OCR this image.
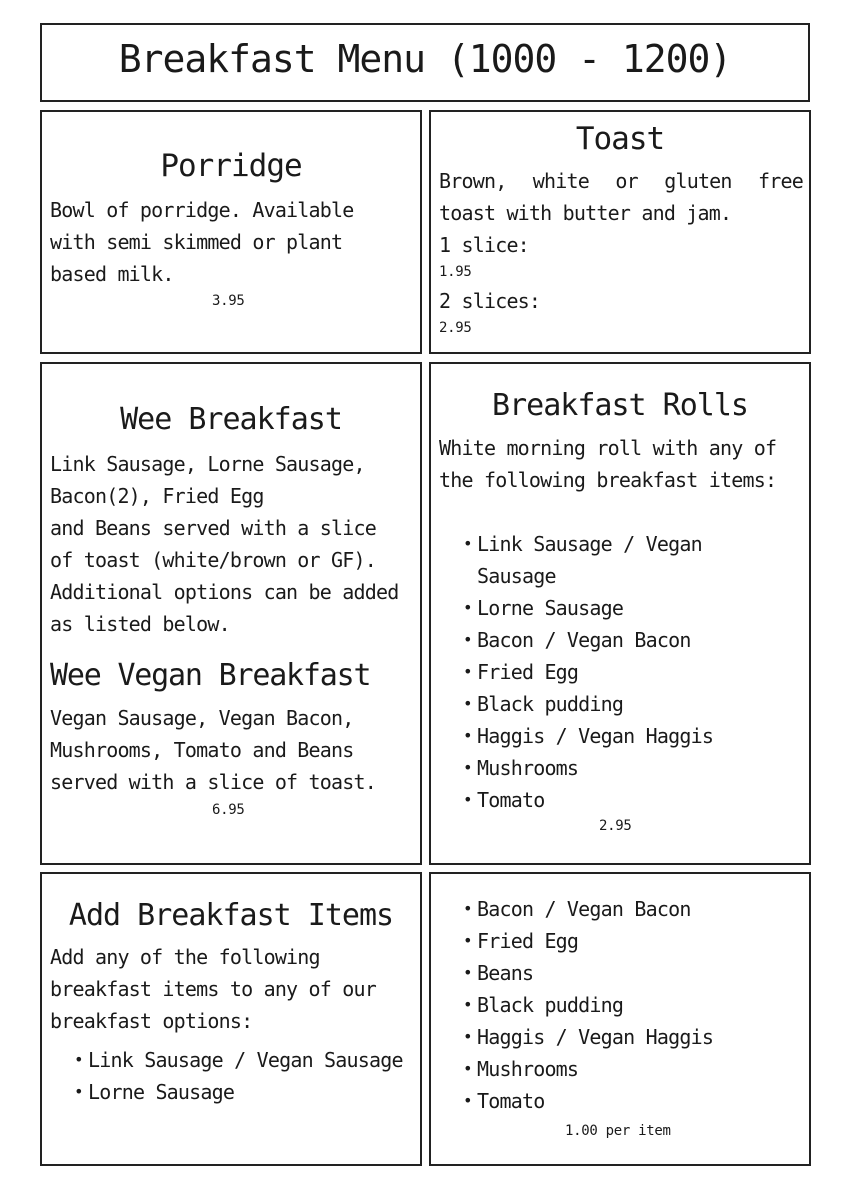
Breakfast Menu (1000 - 1200)
Porridge
Bowl of porridge. Available with semi skimmed or plant based milk.
3.95
Toast
Brown, white or gluten free toast with butter and jam.
1 slice:
1.95
2 slices:
2.95
Wee Breakfast
Link Sausage, Lorne Sausage,
Bacon(2), Fried Egg
and Beans served with a slice of toast (white/brown or GF). Additional options can be added as listed below.
Wee Vegan Breakfast
Vegan Sausage, Vegan Bacon, Mushrooms, Tomato and Beans served with a slice of toast.
6.95
Breakfast Rolls
White morning roll with any of the following breakfast items:
• Link Sausage / Vegan Sausage
• Lorne Sausage
• Bacon / Vegan Bacon
• Fried Egg
• Black pudding
• Haggis / Vegan Haggis
• Mushrooms
• Tomato
2.95
Add Breakfast Items
Add any of the following breakfast items to any of our breakfast options:
• Link Sausage / Vegan Sausage
• Lorne Sausage
• Bacon / Vegan Bacon
• Fried Egg
• Beans
• Black pudding
• Haggis / Vegan Haggis
• Mushrooms
• Tomato
1.00 per item
